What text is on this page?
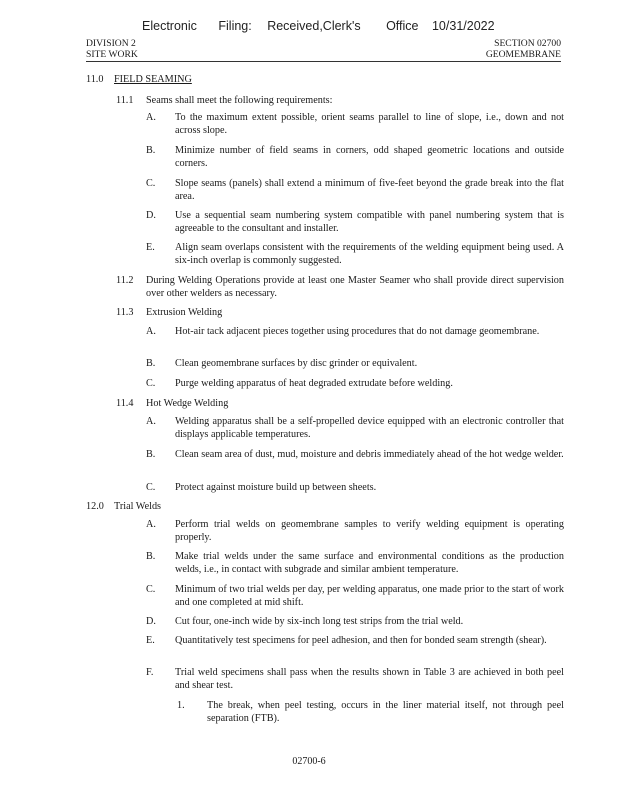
Electronic Filing: Received,Clerk's Office 10/31/2022
DIVISION 2
SITE WORK
SECTION 02700
GEOMEMBRANE
11.0 FIELD SEAMING
11.1 Seams shall meet the following requirements:
A. To the maximum extent possible, orient seams parallel to line of slope, i.e., down and not across slope.
B. Minimize number of field seams in corners, odd shaped geometric locations and outside corners.
C. Slope seams (panels) shall extend a minimum of five-feet beyond the grade break into the flat area.
D. Use a sequential seam numbering system compatible with panel numbering system that is agreeable to the consultant and installer.
E. Align seam overlaps consistent with the requirements of the welding equipment being used. A six-inch overlap is commonly suggested.
11.2 During Welding Operations provide at least one Master Seamer who shall provide direct supervision over other welders as necessary.
11.3 Extrusion Welding
A. Hot-air tack adjacent pieces together using procedures that do not damage geomembrane.
B. Clean geomembrane surfaces by disc grinder or equivalent.
C. Purge welding apparatus of heat degraded extrudate before welding.
11.4 Hot Wedge Welding
A. Welding apparatus shall be a self-propelled device equipped with an electronic controller that displays applicable temperatures.
B. Clean seam area of dust, mud, moisture and debris immediately ahead of the hot wedge welder.
C. Protect against moisture build up between sheets.
12.0 Trial Welds
A. Perform trial welds on geomembrane samples to verify welding equipment is operating properly.
B. Make trial welds under the same surface and environmental conditions as the production welds, i.e., in contact with subgrade and similar ambient temperature.
C. Minimum of two trial welds per day, per welding apparatus, one made prior to the start of work and one completed at mid shift.
D. Cut four, one-inch wide by six-inch long test strips from the trial weld.
E. Quantitatively test specimens for peel adhesion, and then for bonded seam strength (shear).
F. Trial weld specimens shall pass when the results shown in Table 3 are achieved in both peel and shear test.
1. The break, when peel testing, occurs in the liner material itself, not through peel separation (FTB).
02700-6
